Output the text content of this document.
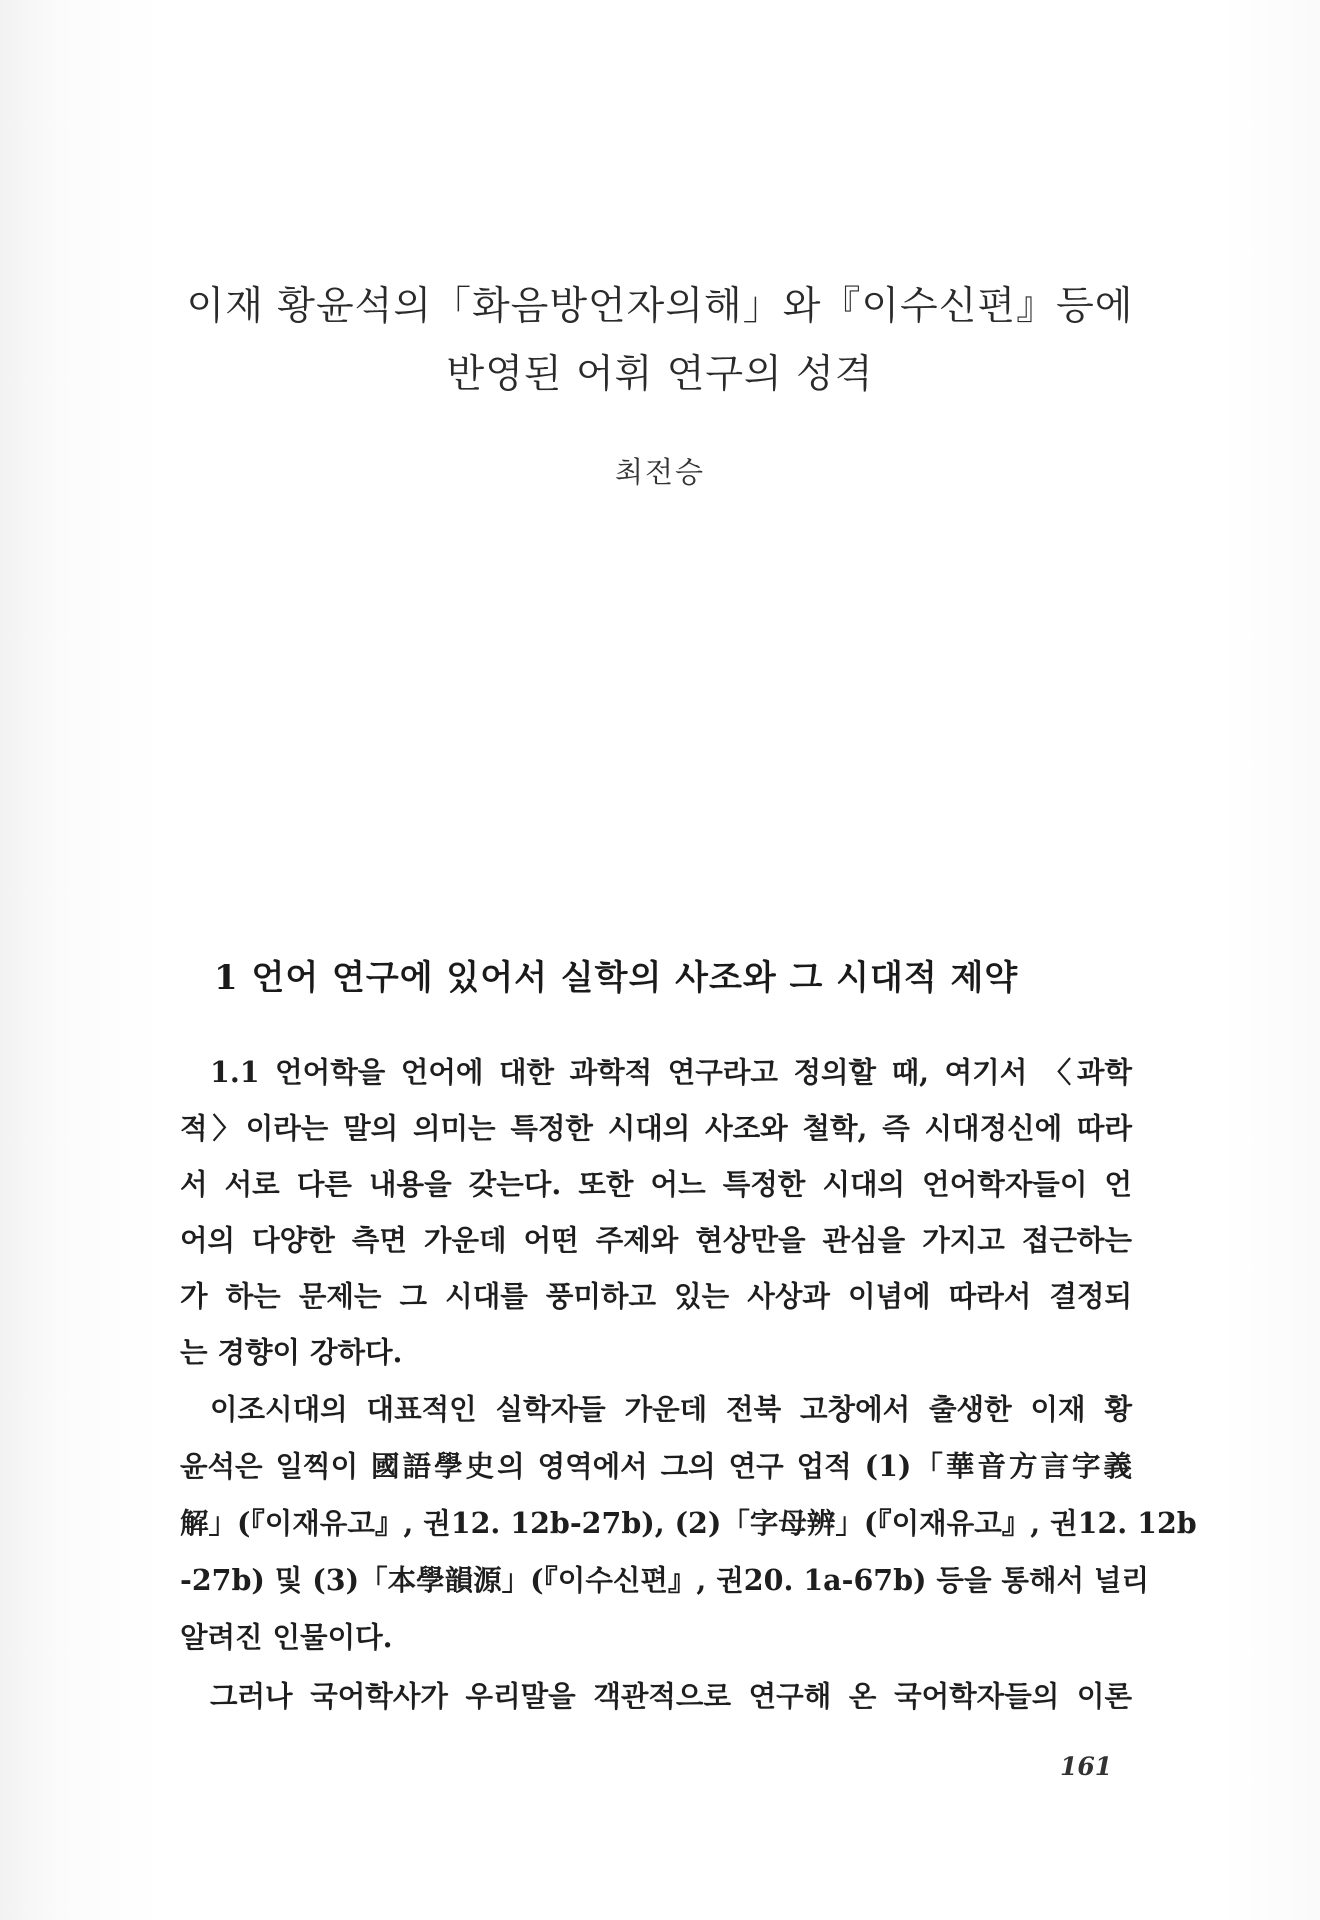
이재 황윤석의「화음방언자의해」와『이수신편』등에
반영된 어휘 연구의 성격
최전승
1 언어 연구에 있어서 실학의 사조와 그 시대적 제약
1.1 언어학을 언어에 대한 과학적 연구라고 정의할 때, 여기서 〈과학
적〉이라는 말의 의미는 특정한 시대의 사조와 철학, 즉 시대정신에 따라
서 서로 다른 내용을 갖는다. 또한 어느 특정한 시대의 언어학자들이 언
어의 다양한 측면 가운데 어떤 주제와 현상만을 관심을 가지고 접근하는
가 하는 문제는 그 시대를 풍미하고 있는 사상과 이념에 따라서 결정되
는 경향이 강하다.
이조시대의 대표적인 실학자들 가운데 전북 고창에서 출생한 이재 황
윤석은 일찍이 國語學史의 영역에서 그의 연구 업적 (1)「華音方言字義
解」(『이재유고』, 권12. 12b-27b), (2)「字母辨」(『이재유고』, 권12. 12b
-27b) 및 (3)「本學韻源」(『이수신편』, 권20. 1a-67b) 등을 통해서 널리
알려진 인물이다.
그러나 국어학사가 우리말을 객관적으로 연구해 온 국어학자들의 이론
161
